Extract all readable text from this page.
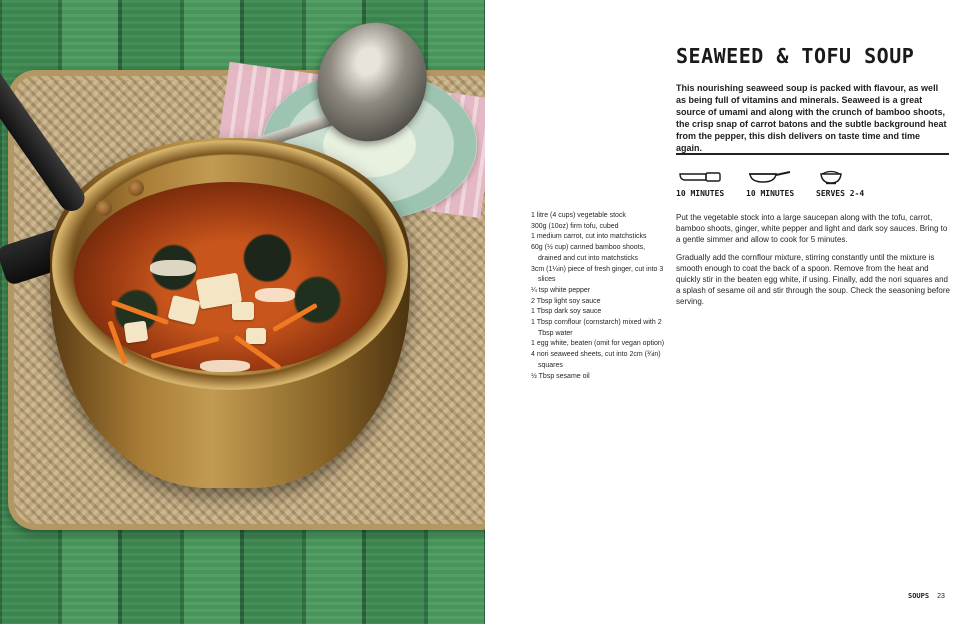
SEAWEED & TOFU SOUP

This nourishing seaweed soup is packed with flavour, as well as being full of vitamins and minerals. Seaweed is a great source of umami and along with the crunch of bamboo shoots, the crisp snap of carrot batons and the subtle background heat from the pepper, this dish delivers on taste time and time again.

10 MINUTES	10 MINUTES	SERVES 2-4
1 litre (4 cups) vegetable stock
300g (10oz) firm tofu, cubed
1 medium carrot, cut into matchsticks
60g (½ cup) canned bamboo shoots, drained and cut into matchsticks
3cm (1¼in) piece of fresh ginger, cut into 3 slices
¼ tsp white pepper
2 Tbsp light soy sauce
1 Tbsp dark soy sauce
1 Tbsp cornflour (cornstarch) mixed with 2 Tbsp water
1 egg white, beaten (omit for vegan option)
4 nori seaweed sheets, cut into 2cm (¾in) squares
½ Tbsp sesame oil

Put the vegetable stock into a large saucepan along with the tofu, carrot, bamboo shoots, ginger, white pepper and light and dark soy sauces. Bring to a gentle simmer and allow to cook for 5 minutes.

Gradually add the cornflour mixture, stirring constantly until the mixture is smooth enough to coat the back of a spoon. Remove from the heat and quickly stir in the beaten egg white, if using. Finally, add the nori squares and a splash of sesame oil and stir through the soup. Check the seasoning before serving.

SOUPS 23
